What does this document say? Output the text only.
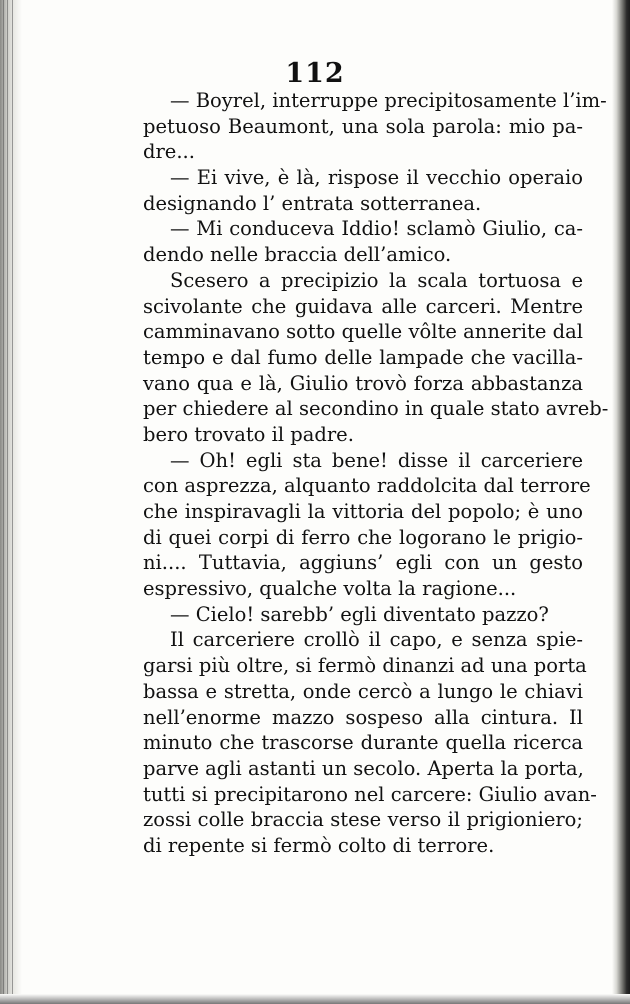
112
— Boyrel, interruppe precipitosamente l’im-
petuoso Beaumont, una sola parola: mio pa-
dre...
— Ei vive, è là, rispose il vecchio operaio
designando l’ entrata sotterranea.
— Mi conduceva Iddio! sclamò Giulio, ca-
dendo nelle braccia dell’amico.
Scesero a precipizio la scala tortuosa e
scivolante che guidava alle carceri. Mentre
camminavano sotto quelle vôlte annerite dal
tempo e dal fumo delle lampade che vacilla-
vano qua e là, Giulio trovò forza abbastanza
per chiedere al secondino in quale stato avreb-
bero trovato il padre.
— Oh! egli sta bene! disse il carceriere
con asprezza, alquanto raddolcita dal terrore
che inspiravagli la vittoria del popolo; è uno
di quei corpi di ferro che logorano le prigio-
ni.... Tuttavia, aggiuns’ egli con un gesto
espressivo, qualche volta la ragione...
— Cielo! sarebb’ egli diventato pazzo?
Il carceriere crollò il capo, e senza spie-
garsi più oltre, si fermò dinanzi ad una porta
bassa e stretta, onde cercò a lungo le chiavi
nell’enorme mazzo sospeso alla cintura. Il
minuto che trascorse durante quella ricerca
parve agli astanti un secolo. Aperta la porta,
tutti si precipitarono nel carcere: Giulio avan-
zossi colle braccia stese verso il prigioniero;
di repente si fermò colto di terrore.
